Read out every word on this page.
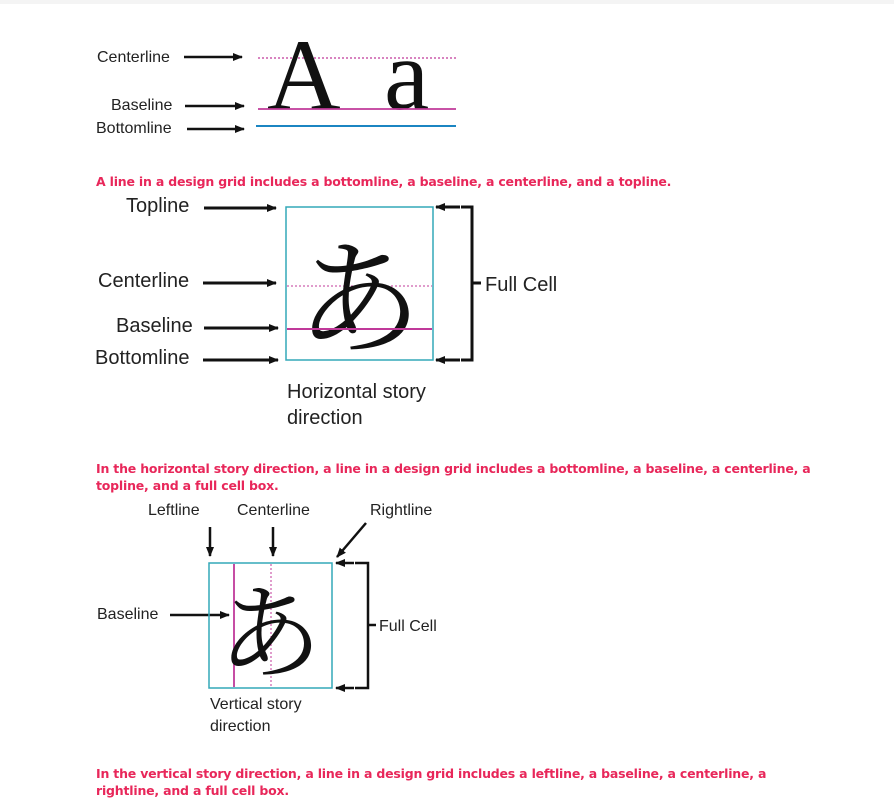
Centerline
Baseline
Bottomline A a
Topline
Centerline
Baseline
Bottomline あ	Full Cell
Horizontal story
direction
Leftline Centerline	Rightline
Baseline あ	Full Cell
Vertical story
direction

A line in a design grid includes a bottomline, a baseline, a centerline, and a topline.

In the horizontal story direction, a line in a design grid includes a bottomline, a baseline, a centerline, a topline, and a full cell box.

In the vertical story direction, a line in a design grid includes a leftline, a baseline, a centerline, a rightline, and a full cell box.
